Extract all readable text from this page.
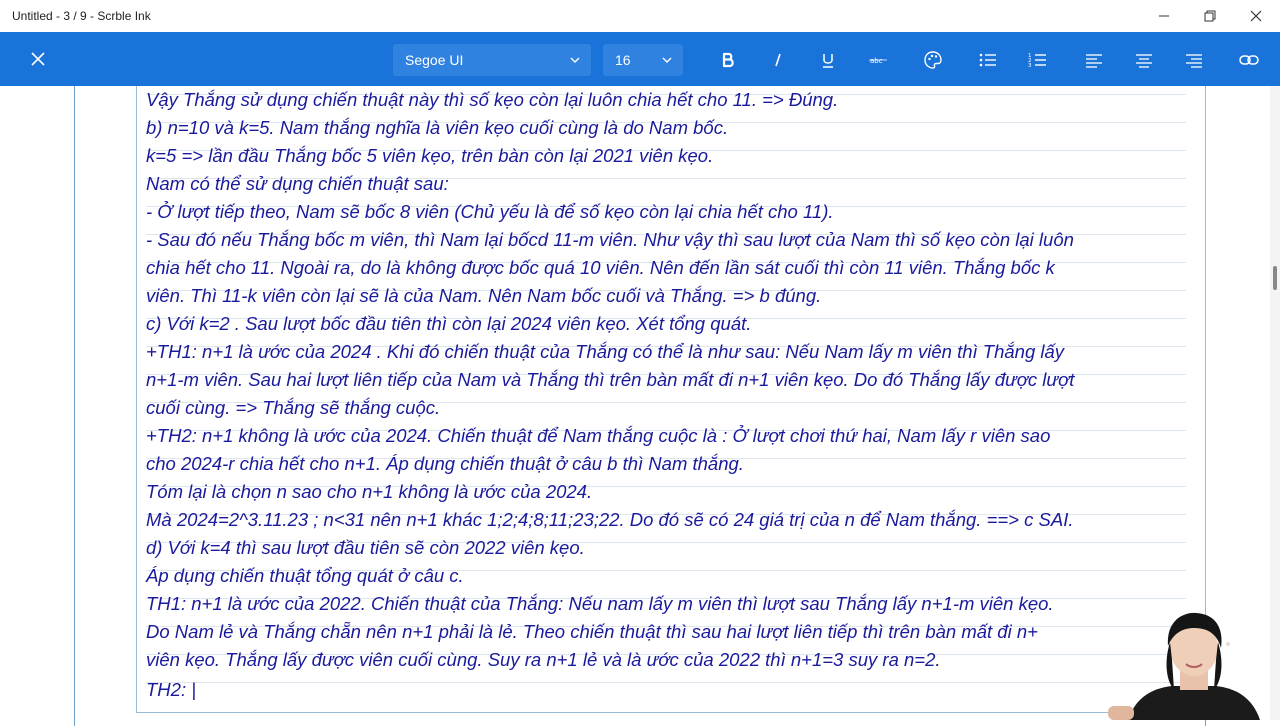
Untitled - 3 / 9 - Scrble Ink
Segoe UI	16	abc
1
2
3
Vậy Thắng sử dụng chiến thuật này thì số kẹo còn lại luôn chia hết cho 11. => Đúng.
b) n=10 và k=5. Nam thắng nghĩa là viên kẹo cuối cùng là do Nam bốc.
k=5 => lần đầu Thắng bốc 5 viên kẹo, trên bàn còn lại 2021 viên kẹo.
Nam có thể sử dụng chiến thuật sau:
- Ở lượt tiếp theo, Nam sẽ bốc 8 viên (Chủ yếu là để số kẹo còn lại chia hết cho 11).
- Sau đó nếu Thắng bốc m viên, thì Nam lại bốcd 11-m viên. Như vậy thì sau lượt của Nam thì số kẹo còn lại luôn
chia hết cho 11. Ngoài ra, do là không được bốc quá 10 viên. Nên đến lần sát cuối thì còn 11 viên. Thắng bốc k
viên. Thì 11-k viên còn lại sẽ là của Nam. Nên Nam bốc cuối và Thắng. => b đúng.
c) Với k=2 . Sau lượt bốc đầu tiên thì còn lại 2024 viên kẹo. Xét tổng quát.
+TH1: n+1 là ước của 2024 . Khi đó chiến thuật của Thắng có thể là như sau: Nếu Nam lấy m viên thì Thắng lấy
n+1-m viên. Sau hai lượt liên tiếp của Nam và Thắng thì trên bàn mất đi n+1 viên kẹo. Do đó Thắng lấy được lượt
cuối cùng. => Thắng sẽ thắng cuộc.
+TH2: n+1 không là ước của 2024. Chiến thuật để Nam thắng cuộc là : Ở lượt chơi thứ hai, Nam lấy r viên sao
cho 2024-r chia hết cho n+1. Áp dụng chiến thuật ở câu b thì Nam thắng.
Tóm lại là chọn n sao cho n+1 không là ước của 2024.
Mà 2024=2^3.11.23 ; n<31 nên n+1 khác 1;2;4;8;11;23;22. Do đó sẽ có 24 giá trị của n để Nam thắng. ==> c SAI.
d) Với k=4 thì sau lượt đầu tiên sẽ còn 2022 viên kẹo.
Áp dụng chiến thuật tổng quát ở câu c.
TH1: n+1 là ước của 2022. Chiến thuật của Thắng: Nếu nam lấy m viên thì lượt sau Thắng lấy n+1-m viên kẹo.
Do Nam lẻ và Thắng chẵn nên n+1 phải là lẻ. Theo chiến thuật thì sau hai lượt liên tiếp thì trên bàn mất đi n+
viên kẹo. Thắng lấy được viên cuối cùng. Suy ra n+1 lẻ và là ước của 2022 thì n+1=3 suy ra n=2.
TH2: |
